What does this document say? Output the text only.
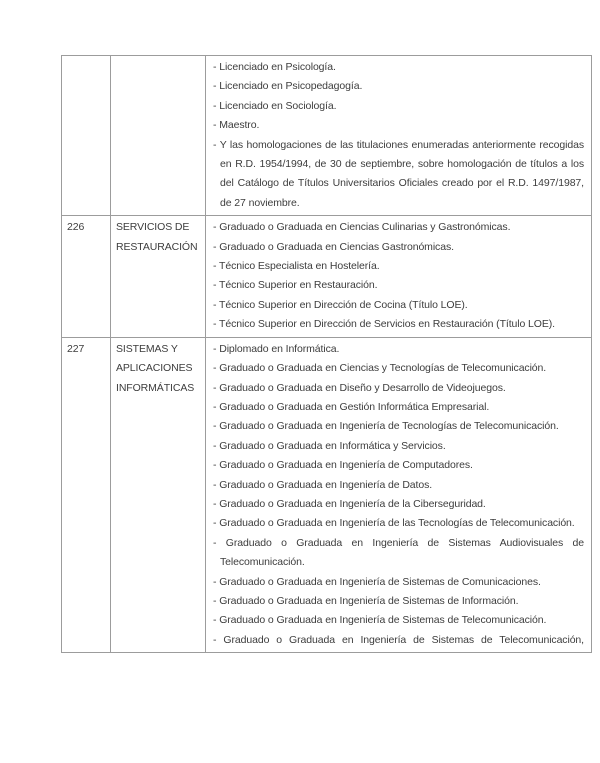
- Licenciado en Psicología.
- Licenciado en Psicopedagogía.
- Licenciado en Sociología.
- Maestro.
- Y las homologaciones de las titulaciones enumeradas anteriormente recogidas en R.D. 1954/1994, de 30 de septiembre, sobre homologación de títulos a los del Catálogo de Títulos Universitarios Oficiales creado por el R.D. 1497/1987, de 27 noviembre.
226	SERVICIOS DE RESTAURACIÓN
- Graduado o Graduada en Ciencias Culinarias y Gastronómicas.
- Graduado o Graduada en Ciencias Gastronómicas.
- Técnico Especialista en Hostelería.
- Técnico Superior en Restauración.
- Técnico Superior en Dirección de Cocina (Título LOE).
- Técnico Superior en Dirección de Servicios en Restauración (Título LOE).
227	SISTEMAS Y APLICACIONES INFORMÁTICAS
- Diplomado en Informática.
- Graduado o Graduada en Ciencias y Tecnologías de Telecomunicación.
- Graduado o Graduada en Diseño y Desarrollo de Videojuegos.
- Graduado o Graduada en Gestión Informática Empresarial.
- Graduado o Graduada en Ingeniería de Tecnologías de Telecomunicación.
- Graduado o Graduada en Informática y Servicios.
- Graduado o Graduada en Ingeniería de Computadores.
- Graduado o Graduada en Ingeniería de Datos.
- Graduado o Graduada en Ingeniería de la Ciberseguridad.
- Graduado o Graduada en Ingeniería de las Tecnologías de Telecomunicación.
- Graduado o Graduada en Ingeniería de Sistemas Audiovisuales de Telecomunicación.
- Graduado o Graduada en Ingeniería de Sistemas de Comunicaciones.
- Graduado o Graduada en Ingeniería de Sistemas de Información.
- Graduado o Graduada en Ingeniería de Sistemas de Telecomunicación.
- Graduado o Graduada en Ingeniería de Sistemas de Telecomunicación,
